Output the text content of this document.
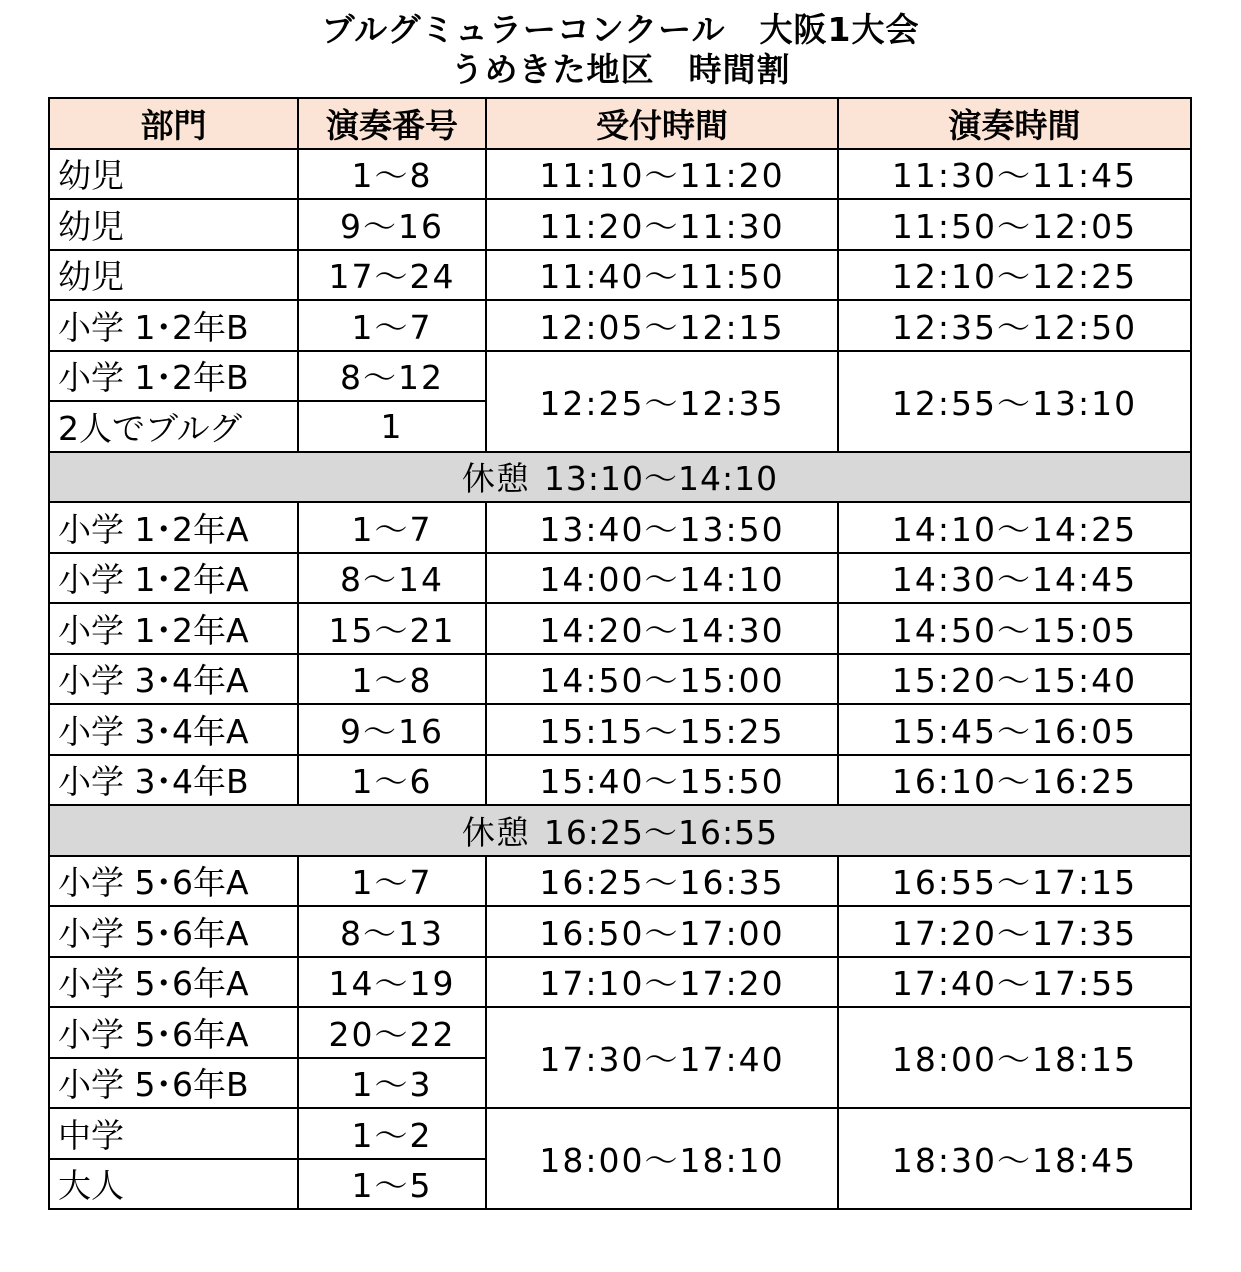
ブルグミュラーコンクール　大阪1大会
うめきた地区　時間割
部門	演奏番号	受付時間	演奏時間
幼児	1～8	11:10～11:20	11:30～11:45
幼児	9～16	11:20～11:30	11:50～12:05
幼児	17～24	11:40～11:50	12:10～12:25
小学 1･2年B	1～7	12:05～12:15	12:35～12:50
小学 1･2年B	8～12	12:25～12:35	12:55～13:10
2人でブルグ	1		
休憩 13:10～14:10			
小学 1･2年A	1～7	13:40～13:50	14:10～14:25
小学 1･2年A	8～14	14:00～14:10	14:30～14:45
小学 1･2年A	15～21	14:20～14:30	14:50～15:05
小学 3･4年A	1～8	14:50～15:00	15:20～15:40
小学 3･4年A	9～16	15:15～15:25	15:45～16:05
小学 3･4年B	1～6	15:40～15:50	16:10～16:25
休憩 16:25～16:55			
小学 5･6年A	1～7	16:25～16:35	16:55～17:15
小学 5･6年A	8～13	16:50～17:00	17:20～17:35
小学 5･6年A	14～19	17:10～17:20	17:40～17:55
小学 5･6年A	20～22	17:30～17:40	18:00～18:15
小学 5･6年B	1～3		
中学	1～2	18:00～18:10	18:30～18:45
大人	1～5		
